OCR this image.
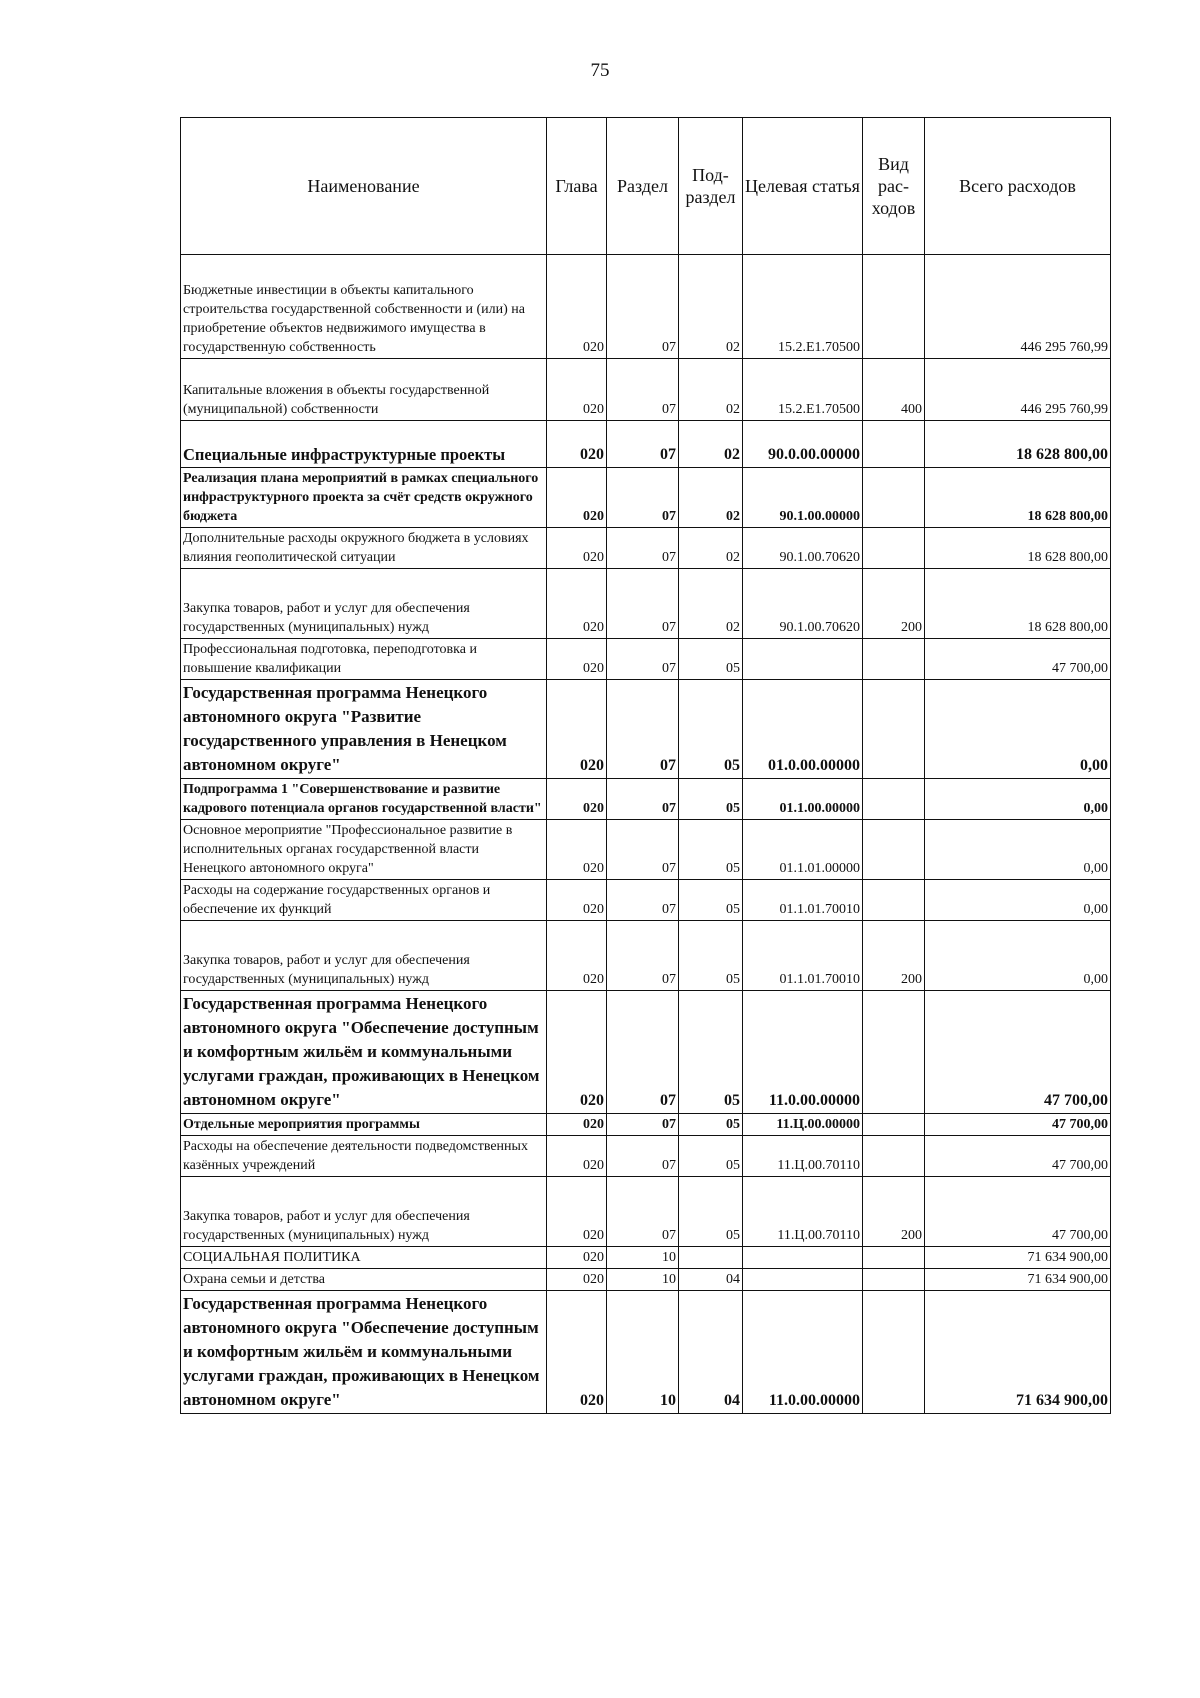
75
Наименование	Глава	Раздел	Под-раздел	Целевая статья	Вид рас-ходов	Всего расходов
Бюджетные инвестиции в объекты капитального строительства государственной собственности и (или) на приобретение объектов недвижимого имущества в государственную собственность	020	07	02	15.2.E1.70500		446 295 760,99
Капитальные вложения в объекты государственной (муниципальной) собственности	020	07	02	15.2.E1.70500	400	446 295 760,99
Специальные инфраструктурные проекты	020	07	02	90.0.00.00000		18 628 800,00
Реализация плана мероприятий в рамках специального инфраструктурного проекта за счёт средств окружного бюджета	020	07	02	90.1.00.00000		18 628 800,00
Дополнительные расходы окружного бюджета в условиях влияния геополитической ситуации	020	07	02	90.1.00.70620		18 628 800,00
Закупка товаров, работ и услуг для обеспечения государственных (муниципальных) нужд	020	07	02	90.1.00.70620	200	18 628 800,00
Профессиональная подготовка, переподготовка и повышение квалификации	020	07	05			47 700,00
Государственная программа Ненецкого автономного округа "Развитие государственного управления в Ненецком автономном округе"	020	07	05	01.0.00.00000		0,00
Подпрограмма 1 "Совершенствование и развитие кадрового потенциала органов государственной власти"	020	07	05	01.1.00.00000		0,00
Основное мероприятие "Профессиональное развитие в исполнительных органах государственной власти Ненецкого автономного округа"	020	07	05	01.1.01.00000		0,00
Расходы на содержание государственных органов и обеспечение их функций	020	07	05	01.1.01.70010		0,00
Закупка товаров, работ и услуг для обеспечения государственных (муниципальных) нужд	020	07	05	01.1.01.70010	200	0,00
Государственная программа Ненецкого автономного округа "Обеспечение доступным и комфортным жильём и коммунальными услугами граждан, проживающих в Ненецком автономном округе"	020	07	05	11.0.00.00000		47 700,00
Отдельные мероприятия программы	020	07	05	11.Ц.00.00000		47 700,00
Расходы на обеспечение деятельности подведомственных казённых учреждений	020	07	05	11.Ц.00.70110		47 700,00
Закупка товаров, работ и услуг для обеспечения государственных (муниципальных) нужд	020	07	05	11.Ц.00.70110	200	47 700,00
СОЦИАЛЬНАЯ ПОЛИТИКА	020	10				71 634 900,00
Охрана семьи и детства	020	10	04			71 634 900,00
Государственная программа Ненецкого автономного округа "Обеспечение доступным и комфортным жильём и коммунальными услугами граждан, проживающих в Ненецком автономном округе"	020	10	04	11.0.00.00000		71 634 900,00
